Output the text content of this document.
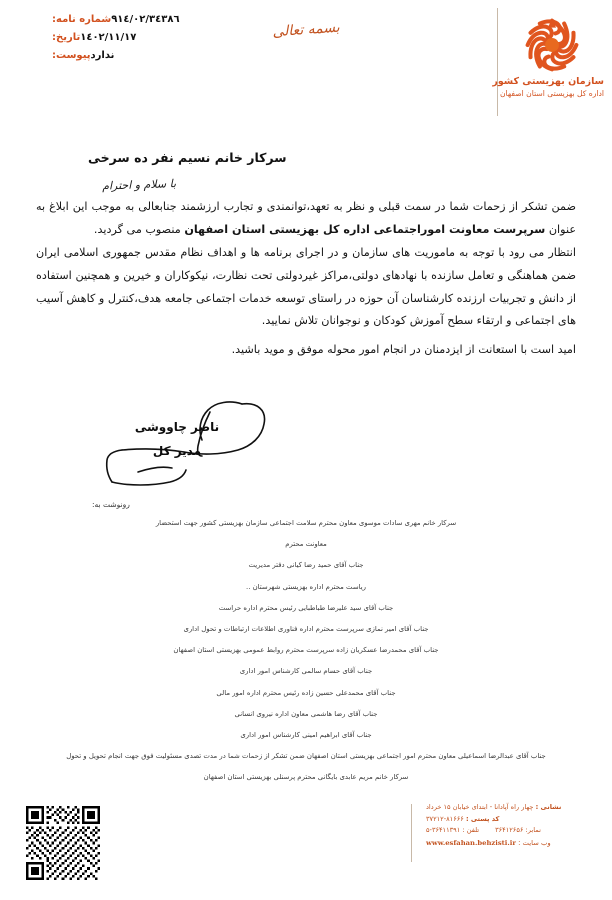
سازمان بهزیستی کشور
اداره کل بهزیستی استان اصفهان
بسمه تعالی
شماره نامه: ٩١٤/٠٢/٣٤٣٨٦
تاریخ: ١٤٠٢/١١/١٧
پیوست: ندارد
سرکار خانم نسیم نفر ده سرخی
با سلام و احترام

ضمن تشکر از زحمات شما در سمت قبلی و نظر به تعهد،توانمندی و تجارب ارزشمند جنابعالی به موجب این ابلاغ به عنوان سرپرست معاونت اموراجتماعی اداره کل بهزیستی استان اصفهان منصوب می گردید.

انتظار می رود با توجه به ماموریت های سازمان و در اجرای برنامه ها و اهداف نظام مقدس جمهوری اسلامی ایران ضمن هماهنگی و تعامل سازنده با نهادهای دولتی،مراکز غیردولتی تحت نظارت، نیکوکاران و خیرین و همچنین استفاده از دانش و تجربیات ارزنده کارشناسان آن حوزه در راستای توسعه خدمات اجتماعی جامعه هدف،کنترل و کاهش آسیب های اجتماعی و ارتقاء سطح آموزش کودکان و نوجوانان تلاش نمایید.

امید است با استعانت از ایزدمنان در انجام امور محوله موفق و موید باشید.

ناصر چاووشی
مدیر کل
رونوشت به:
سرکار خانم مهری سادات موسوی معاون محترم سلامت اجتماعی سازمان بهزیستی کشور جهت استحضار
معاونت محترم
جناب آقای حمید رضا کیانی دفتر مدیریت
ریاست محترم اداره بهزیستی شهرستان ..
جناب آقای سید علیرضا طباطبایی رئیس محترم اداره حراست
جناب آقای امیر نمازی سرپرست محترم اداره فناوری اطلاعات ارتباطات و تحول اداری
جناب آقای محمدرضا عسکریان زاده سرپرست محترم روابط عمومی بهزیستی استان اصفهان
جناب آقای حسام سالمی کارشناس امور اداری
جناب آقای محمدعلی حسین زاده رئیس محترم اداره امور مالی
جناب آقای رضا هاشمی معاون اداره نیروی انسانی
جناب آقای ابراهیم امینی کارشناس امور اداری
جناب آقای عبدالرضا اسماعیلی معاون محترم امور اجتماعی بهزیستی استان اصفهان ضمن تشکر از زحمات شما در مدت تصدی مسئولیت فوق جهت انجام تحویل و تحول
سرکار خانم مریم عابدی بایگانی محترم پرسنلی بهزیستی استان اصفهان
نشانی : چهار راه آپادانا - ابتدای خیابان ۱۵ خرداد
کد پستی : ۸۱۶۶۶-۳۷۲۱۲
تلفن : ۳۶۴۱۱۳۹۱-۵	نمابر: ۳۶۴۱۲۶۵۶
وب سایت : www.esfahan.behzisti.ir
